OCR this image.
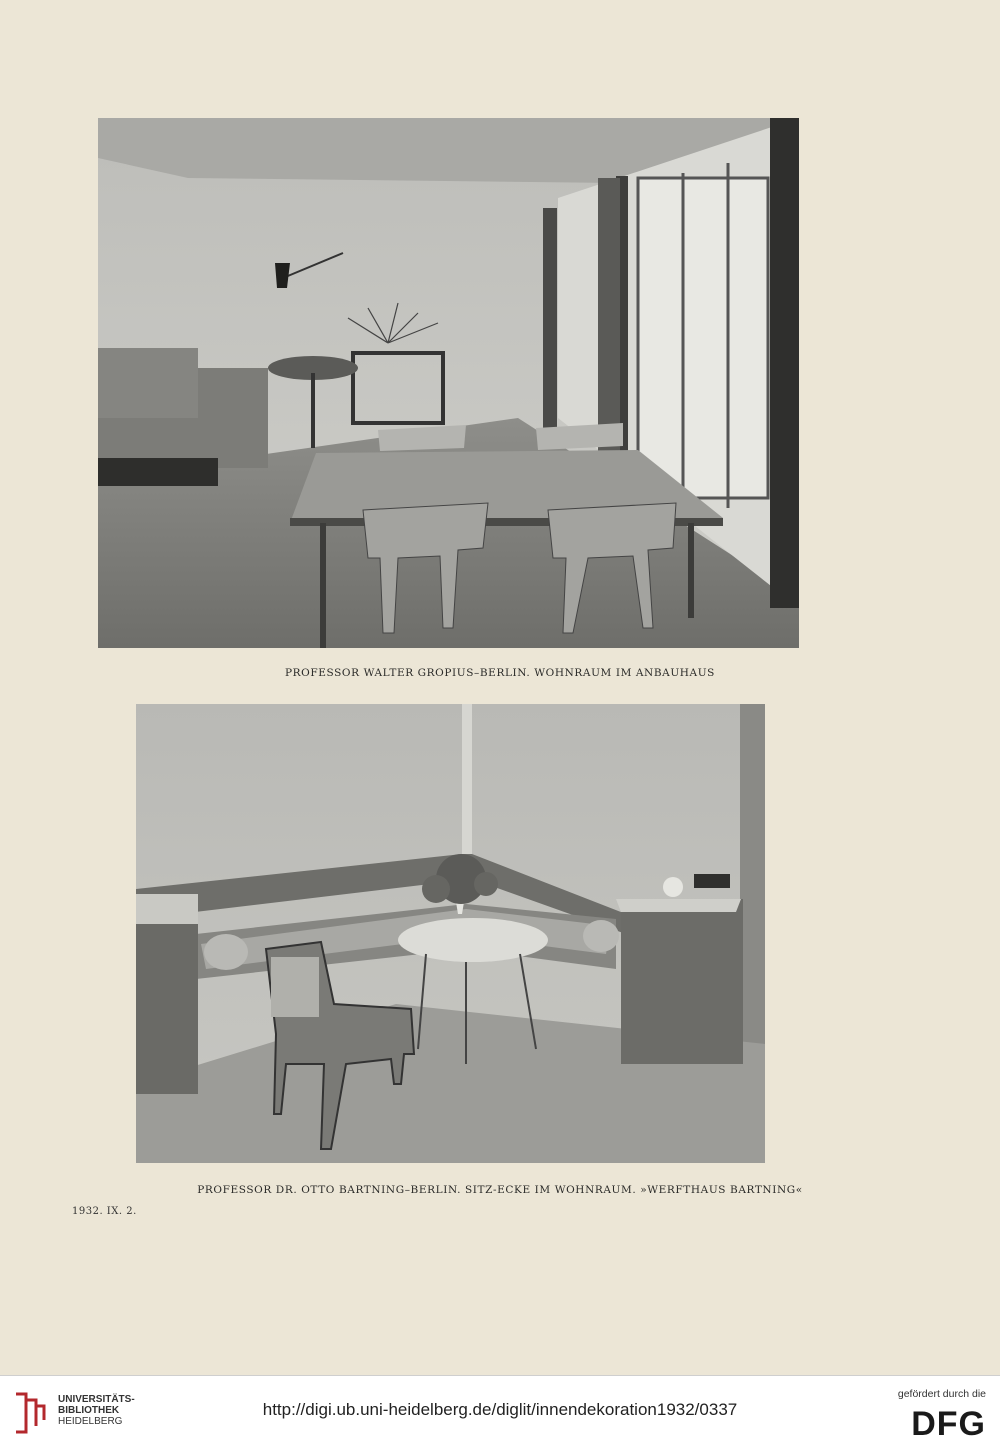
PROFESSOR WALTER GROPIUS–BERLIN. WOHNRAUM IM ANBAUHAUS
PROFESSOR DR. OTTO BARTNING–BERLIN. SITZ-ECKE IM WOHNRAUM. »WERFTHAUS BARTNING«
1932. IX. 2.
UNIVERSITÄTS-
BIBLIOTHEK
HEIDELBERG
http://digi.ub.uni-heidelberg.de/diglit/innendekoration1932/0337
gefördert durch die
DFG
